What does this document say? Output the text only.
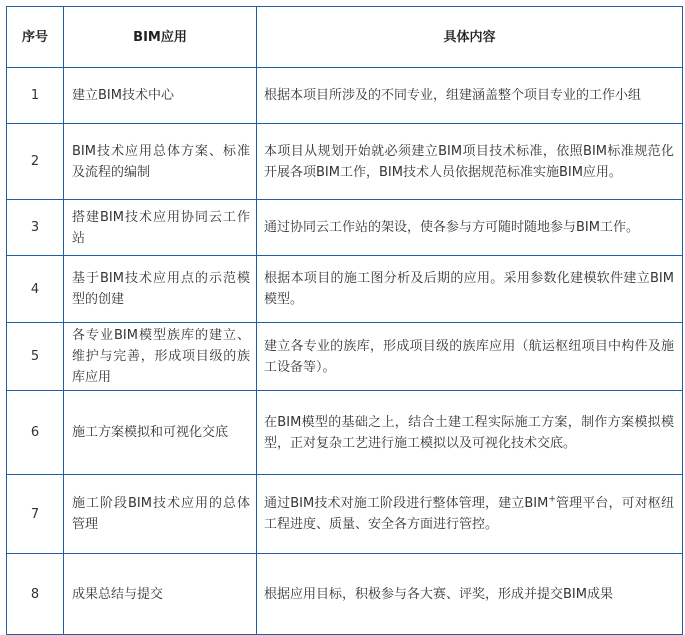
序号	BIM应用	具体内容
1	建立BIM技术中心	根据本项目所涉及的不同专业，组建涵盖整个项目专业的工作小组
2	BIM技术应用总体方案、标准及流程的编制	本项目从规划开始就必须建立BIM项目技术标准，依照BIM标准规范化开展各项BIM工作，BIM技术人员依据规范标准实施BIM应用。
3	搭建BIM技术应用协同云工作站	通过协同云工作站的架设，使各参与方可随时随地参与BIM工作。
4	基于BIM技术应用点的示范模型的创建	根据本项目的施工图分析及后期的应用。采用参数化建模软件建立BIM模型。
5	各专业BIM模型族库的建立、维护与完善，形成项目级的族库应用	建立各专业的族库，形成项目级的族库应用（航运枢纽项目中构件及施工设备等）。
6	施工方案模拟和可视化交底	在BIM模型的基础之上，结合土建工程实际施工方案，制作方案模拟模型，正对复杂工艺进行施工模拟以及可视化技术交底。
7	施工阶段BIM技术应用的总体管理	通过BIM技术对施工阶段进行整体管理，建立BIM+管理平台，可对枢纽工程进度、质量、安全各方面进行管控。
8	成果总结与提交	根据应用目标，积极参与各大赛、评奖，形成并提交BIM成果
